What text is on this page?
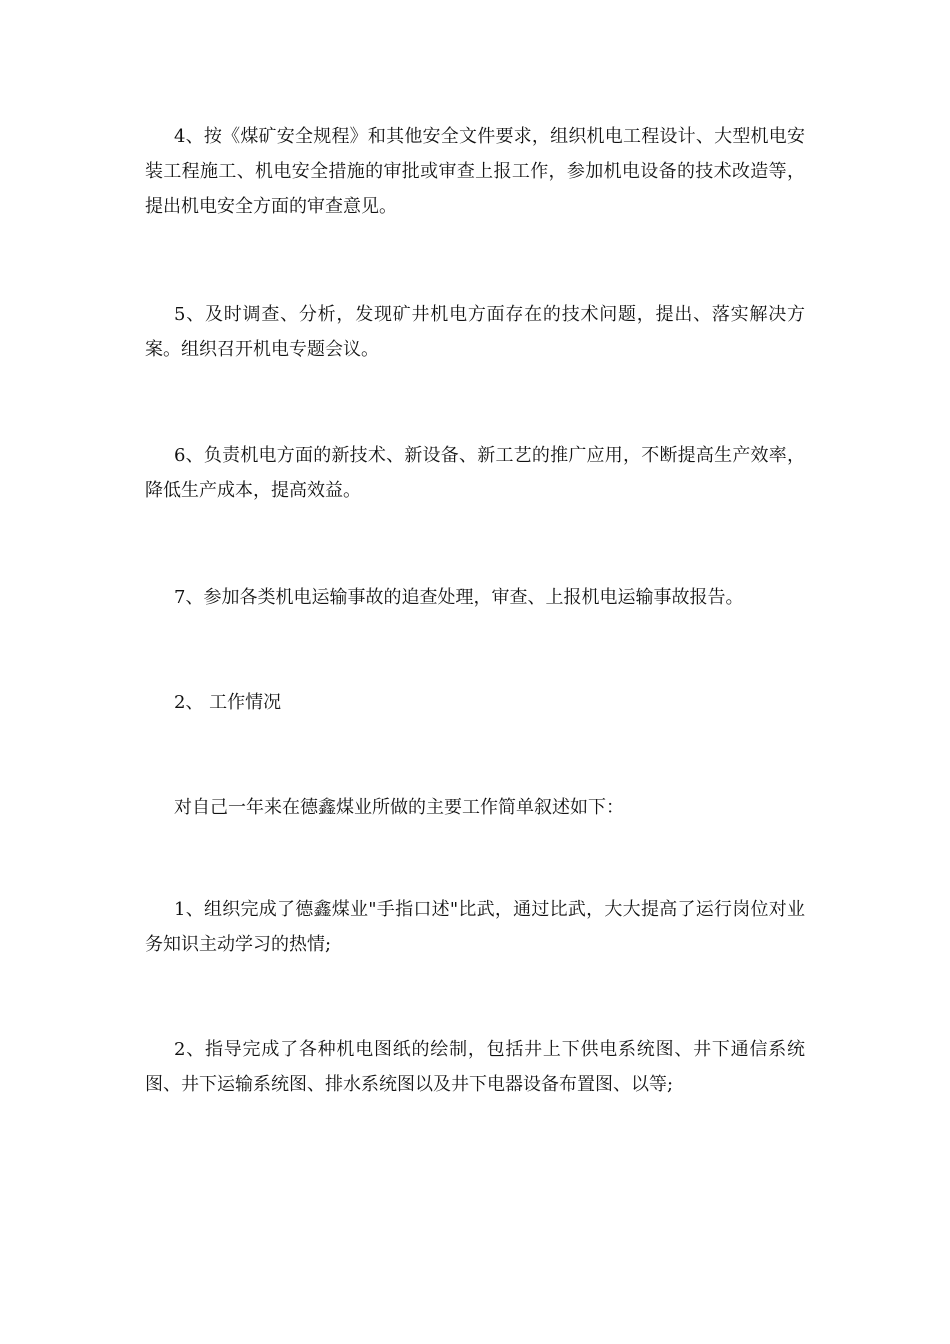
4、按《煤矿安全规程》和其他安全文件要求，组织机电工程设计、大型机电安装工程施工、机电安全措施的审批或审查上报工作，参加机电设备的技术改造等，提出机电安全方面的审查意见。

5、及时调查、分析，发现矿井机电方面存在的技术问题，提出、落实解决方案。组织召开机电专题会议。

6、负责机电方面的新技术、新设备、新工艺的推广应用，不断提高生产效率，降低生产成本，提高效益。

7、参加各类机电运输事故的追查处理，审查、上报机电运输事故报告。

2、 工作情况

对自己一年来在德鑫煤业所做的主要工作简单叙述如下：

1、组织完成了德鑫煤业"手指口述"比武，通过比武，大大提高了运行岗位对业务知识主动学习的热情;

2、指导完成了各种机电图纸的绘制，包括井上下供电系统图、井下通信系统图、井下运输系统图、排水系统图以及井下电器设备布置图、以等;
